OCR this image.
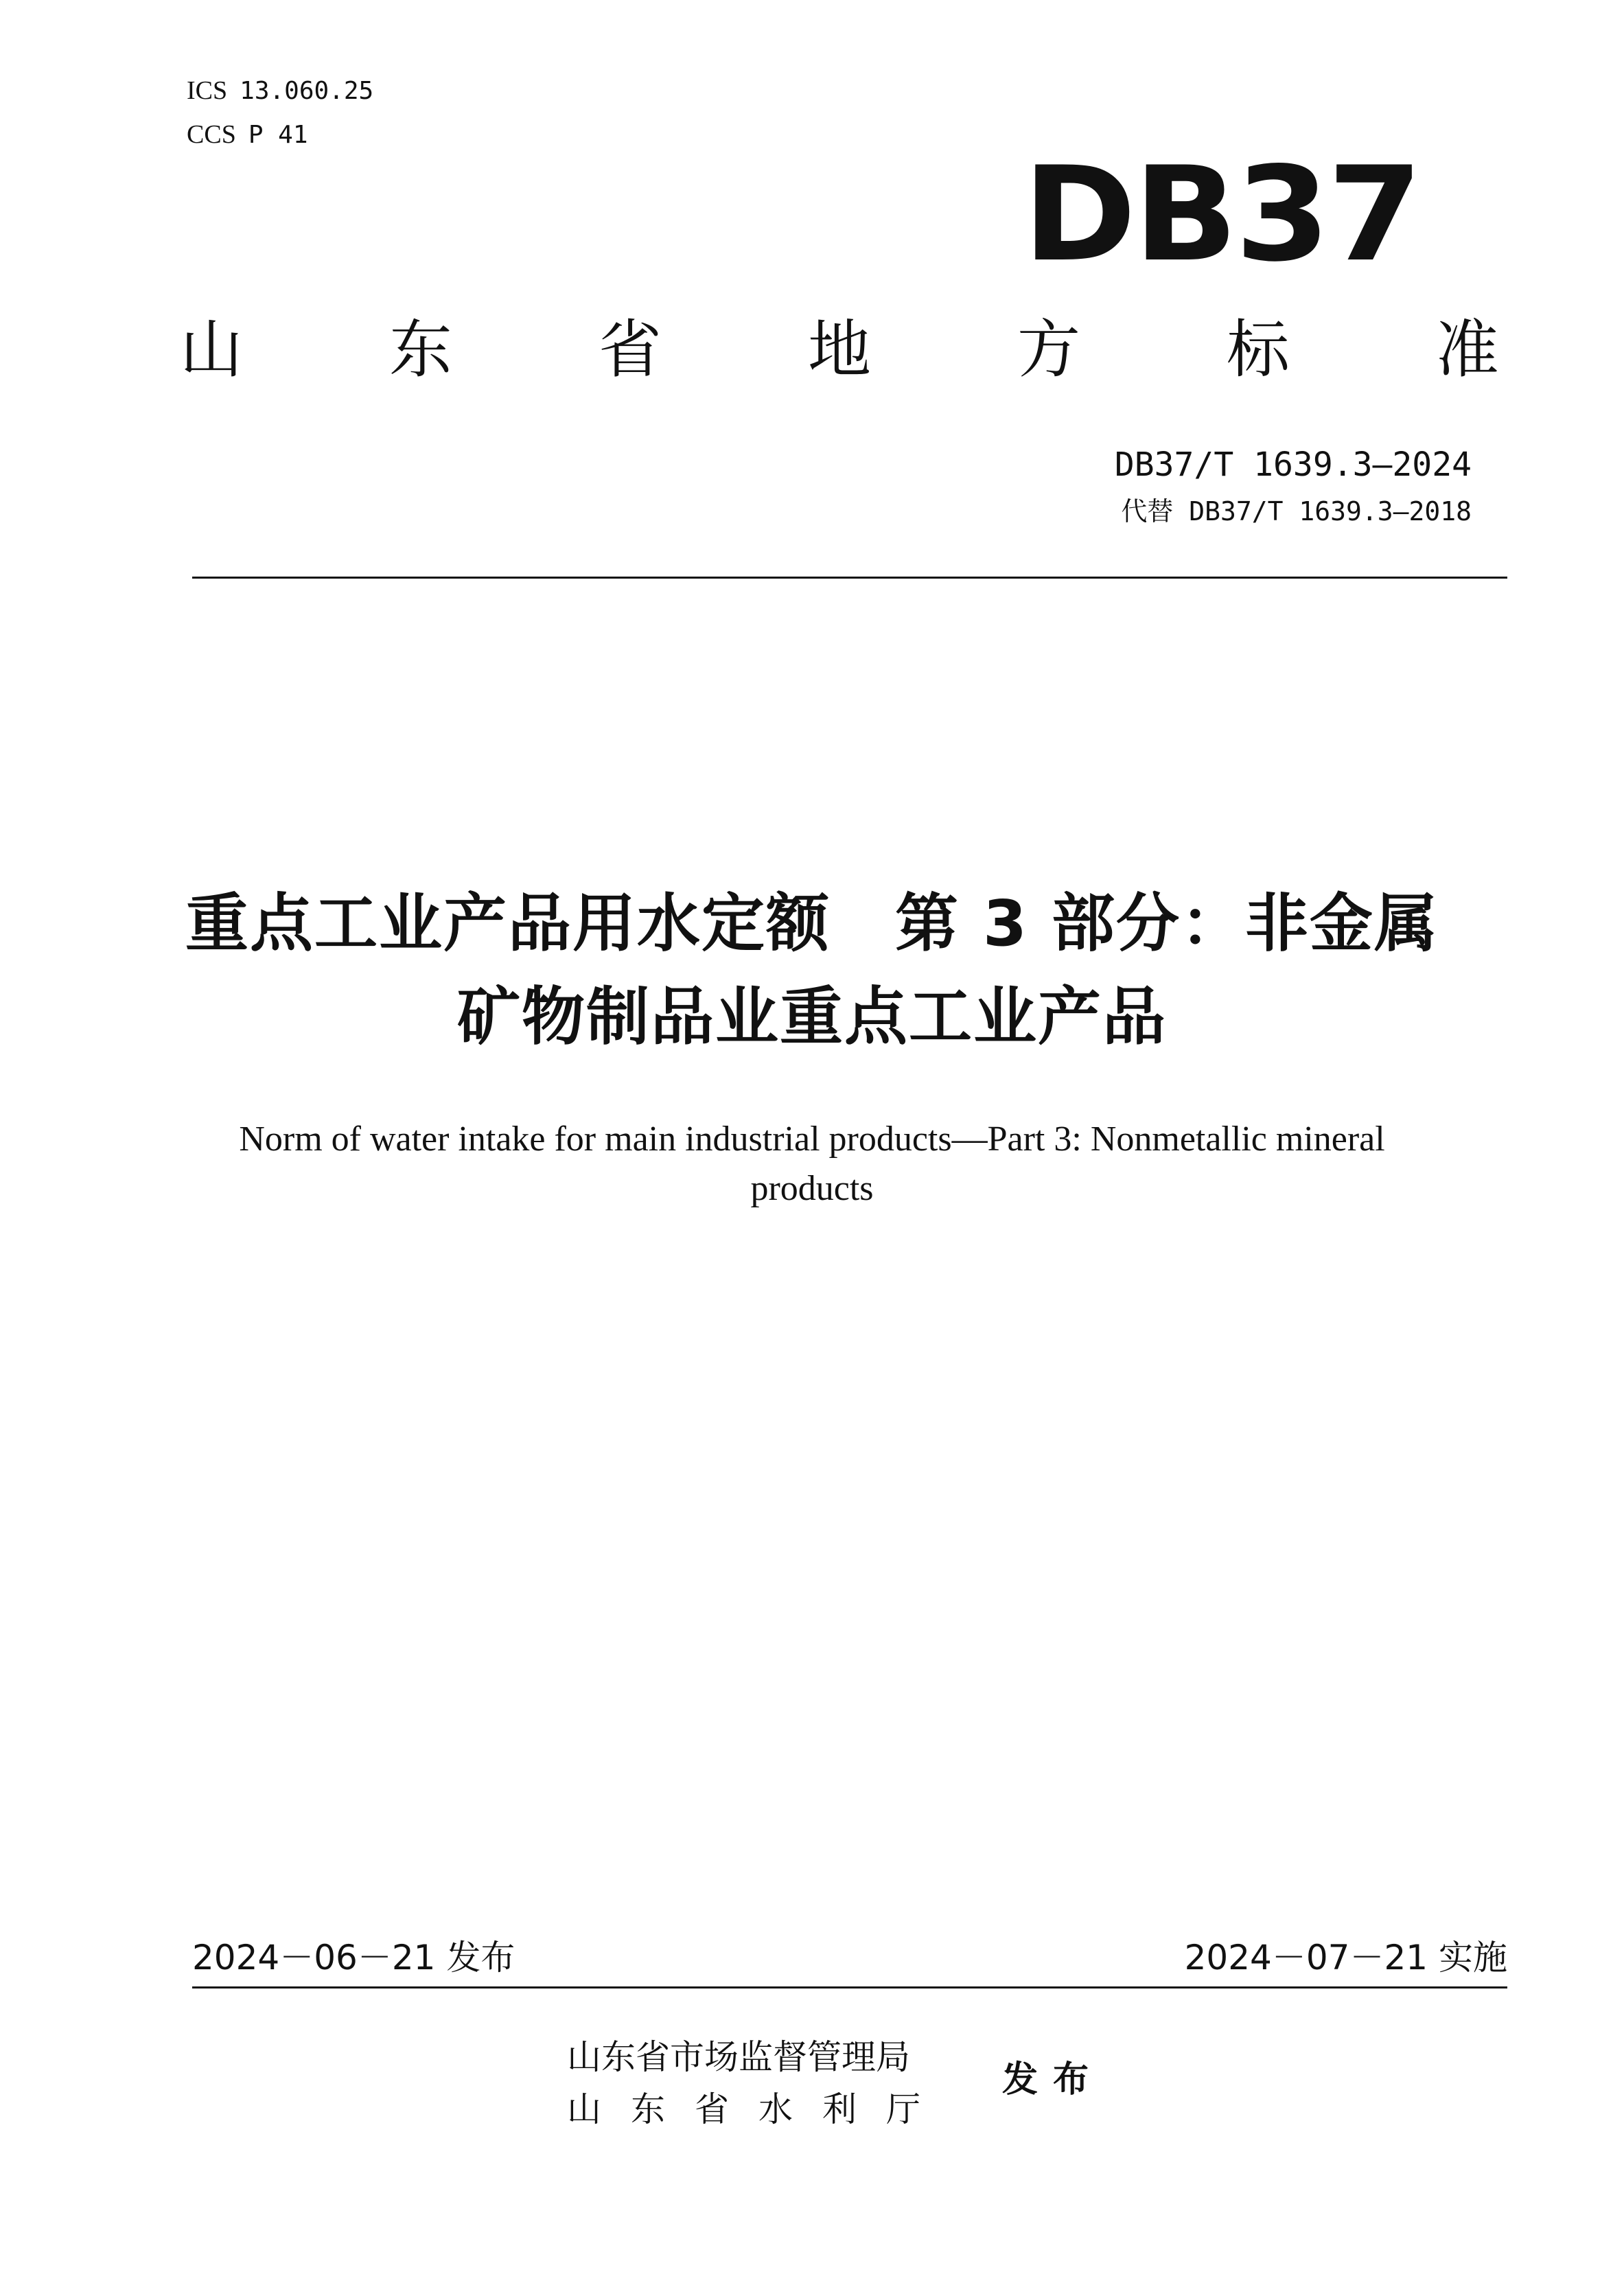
ICS 13.060.25
CCS P 41
DB37
山 东 省 地 方 标 准
DB37/T 1639.3—2024
代替 DB37/T 1639.3—2018
重点工业产品用水定额　第 3 部分：非金属
矿物制品业重点工业产品
Norm of water intake for main industrial products—Part 3: Nonmetallic mineral
products
2024－06－21 发布	2024－07－21 实施
山东省市场监督管理局
山东省水利厅
发布
